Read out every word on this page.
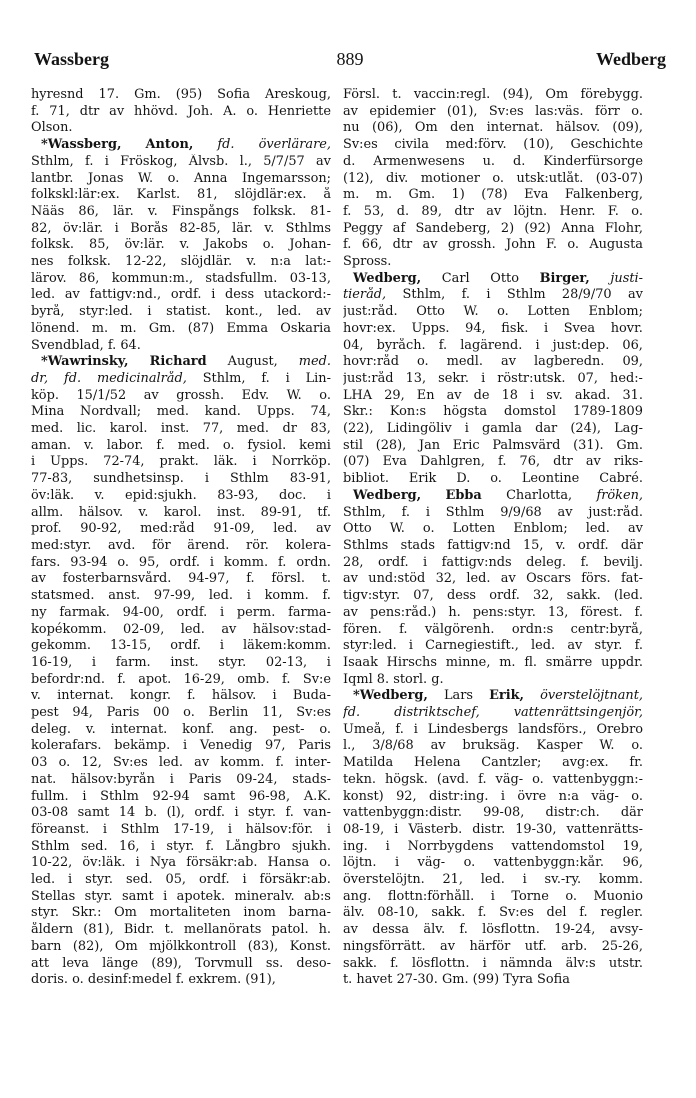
Wassberg	889	Wedberg
hyresnd 17. Gm. (95) Sofia Areskoug,
f. 71, dtr av hhövd. Joh. A. o. Henriette
Olson.
*Wassberg, Anton, fd. överlärare,
Sthlm, f. i Fröskog, Älvsb. l., 5/7/57 av
lantbr. Jonas W. o. Anna Ingemarsson;
folkskl:lär:ex. Karlst. 81, slöjdlär:ex. å
Nääs 86, lär. v. Finspångs folksk. 81-
82, öv:lär. i Borås 82-85, lär. v. Sthlms
folksk. 85, öv:lär. v. Jakobs o. Johan-
nes folksk. 12-22, slöjdlär. v. n:a lat:-
lärov. 86, kommun:m., stadsfullm. 03-13,
led. av fattigv:nd., ordf. i dess utackord:-
byrå, styr:led. i statist. kont., led. av
lönend. m. m. Gm. (87) Emma Oskaria
Svendblad, f. 64.
*Wawrinsky, Richard August, med.
dr, fd. medicinalråd, Sthlm, f. i Lin-
köp. 15/1/52 av grossh. Edv. W. o.
Mina Nordvall; med. kand. Upps. 74,
med. lic. karol. inst. 77, med. dr 83,
aman. v. labor. f. med. o. fysiol. kemi
i Upps. 72-74, prakt. läk. i Norrköp.
77-83, sundhetsinsp. i Sthlm 83-91,
öv:läk. v. epid:sjukh. 83-93, doc. i
allm. hälsov. v. karol. inst. 89-91, tf.
prof. 90-92, med:råd 91-09, led. av
med:styr. avd. för ärend. rör. kolera-
fars. 93-94 o. 95, ordf. i komm. f. ordn.
av fosterbarnsvård. 94-97, f. försl. t.
statsmed. anst. 97-99, led. i komm. f.
ny farmak. 94-00, ordf. i perm. farma-
kopékomm. 02-09, led. av hälsov:stad-
gekomm. 13-15, ordf. i läkem:komm.
16-19, i farm. inst. styr. 02-13, i
befordr:nd. f. apot. 16-29, omb. f. Sv:e
v. internat. kongr. f. hälsov. i Buda-
pest 94, Paris 00 o. Berlin 11, Sv:es
deleg. v. internat. konf. ang. pest- o.
kolerafars. bekämp. i Venedig 97, Paris
03 o. 12, Sv:es led. av komm. f. inter-
nat. hälsov:byrån i Paris 09-24, stads-
fullm. i Sthlm 92-94 samt 96-98, A.K.
03-08 samt 14 b. (l), ordf. i styr. f. van-
föreanst. i Sthlm 17-19, i hälsov:för. i
Sthlm sed. 16, i styr. f. Långbro sjukh.
10-22, öv:läk. i Nya försäkr:ab. Hansa o.
led. i styr. sed. 05, ordf. i försäkr:ab.
Stellas styr. samt i apotek. mineralv. ab:s
styr. Skr.: Om mortaliteten inom barna-
åldern (81), Bidr. t. mellanörats patol. h.
barn (82), Om mjölkkontroll (83), Konst.
att leva länge (89), Torvmull ss. deso-
doris. o. desinf:medel f. exkrem. (91),
Försl. t. vaccin:regl. (94), Om förebygg.
av epidemier (01), Sv:es las:väs. förr o.
nu (06), Om den internat. hälsov. (09),
Sv:es civila med:förv. (10), Geschichte
d. Armenwesens u. d. Kinderfürsorge
(12), div. motioner o. utsk:utlåt. (03-07)
m. m. Gm. 1) (78) Eva Falkenberg,
f. 53, d. 89, dtr av löjtn. Henr. F. o.
Peggy af Sandeberg, 2) (92) Anna Flohr,
f. 66, dtr av grossh. John F. o. Augusta
Spross.
Wedberg, Carl Otto Birger, justi-
tieråd, Sthlm, f. i Sthlm 28/9/70 av
just:råd. Otto W. o. Lotten Enblom;
hovr:ex. Upps. 94, fisk. i Svea hovr.
04, byråch. f. lagärend. i just:dep. 06,
hovr:råd o. medl. av lagberedn. 09,
just:råd 13, sekr. i röstr:utsk. 07, hed:-
LHA 29, En av de 18 i sv. akad. 31.
Skr.: Kon:s högsta domstol 1789-1809
(22), Lidingöliv i gamla dar (24), Lag-
stil (28), Jan Eric Palmsvärd (31). Gm.
(07) Eva Dahlgren, f. 76, dtr av riks-
bibliot. Erik D. o. Leontine Cabré.
Wedberg, Ebba Charlotta, fröken,
Sthlm, f. i Sthlm 9/9/68 av just:råd.
Otto W. o. Lotten Enblom; led. av
Sthlms stads fattigv:nd 15, v. ordf. där
28, ordf. i fattigv:nds deleg. f. bevilj.
av und:stöd 32, led. av Oscars förs. fat-
tigv:styr. 07, dess ordf. 32, sakk. (led.
av pens:råd.) h. pens:styr. 13, förest. f.
fören. f. välgörenh. ordn:s centr:byrå,
styr:led. i Carnegiestift., led. av styr. f.
Isaak Hirschs minne, m. fl. smärre uppdr.
Iqml 8. storl. g.
*Wedberg, Lars Erik, överstelöjtnant,
fd.	distriktschef,	vattenrättsingenjör,
Umeå, f. i Lindesbergs landsförs., Örebro
l., 3/8/68 av bruksäg. Kasper W. o.
Matilda Helena Cantzler; avg:ex. fr.
tekn. högsk. (avd. f. väg- o. vattenbyggn:-
konst) 92, distr:ing. i övre n:a väg- o.
vattenbyggn:distr. 99-08, distr:ch. där
08-19, i Västerb. distr. 19-30, vattenrätts-
ing. i Norrbygdens vattendomstol 19,
löjtn. i väg- o. vattenbyggn:kår. 96,
överstelöjtn. 21, led. i sv.-ry. komm.
ang. flottn:förhåll. i Torne o. Muonio
älv. 08-10, sakk. f. Sv:es del f. regler.
av dessa älv. f. lösflottn. 19-24, avsy-
ningsförrätt. av härför utf. arb. 25-26,
sakk. f. lösflottn. i nämnda älv:s utstr.
t. havet 27-30. Gm. (99) Tyra Sofia
